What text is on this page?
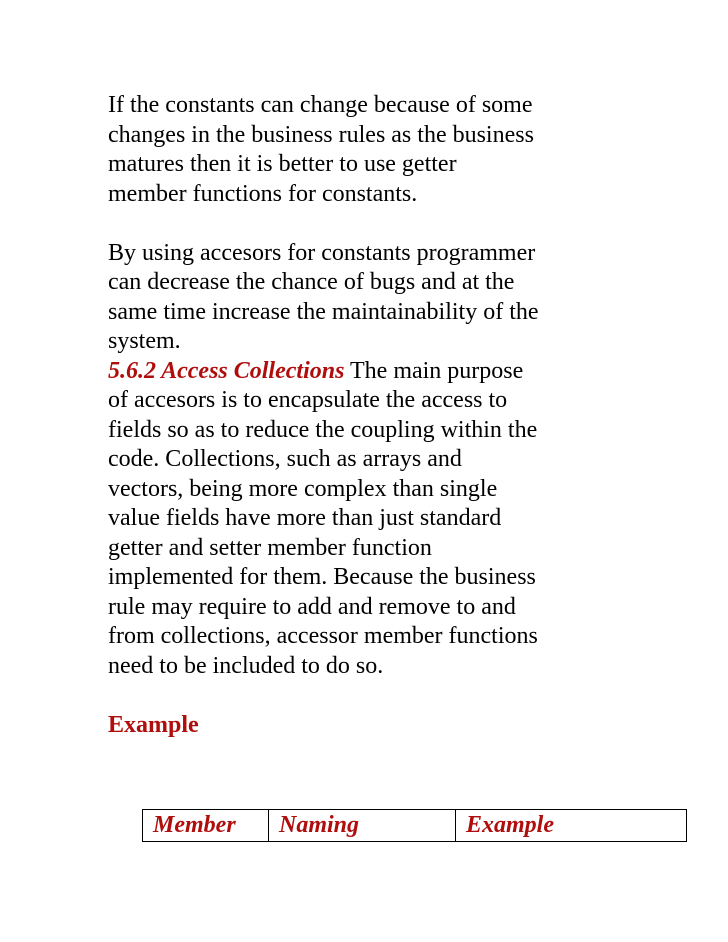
If the constants can change because of some
changes in the business rules as the business
matures then it is better to use getter
member functions for constants.

By using accesors for constants programmer
can decrease the chance of bugs and at the
same time increase the maintainability of the
system.

5.6.2 Access Collections The main purpose
of accesors is to encapsulate the access to
fields so as to reduce the coupling within the
code. Collections, such as arrays and
vectors, being more complex than single
value fields have more than just standard
getter and setter member function
implemented for them. Because the business
rule may require to add and remove to and
from collections, accessor member functions
need to be included to do so.

Example

Member	Naming	Example
